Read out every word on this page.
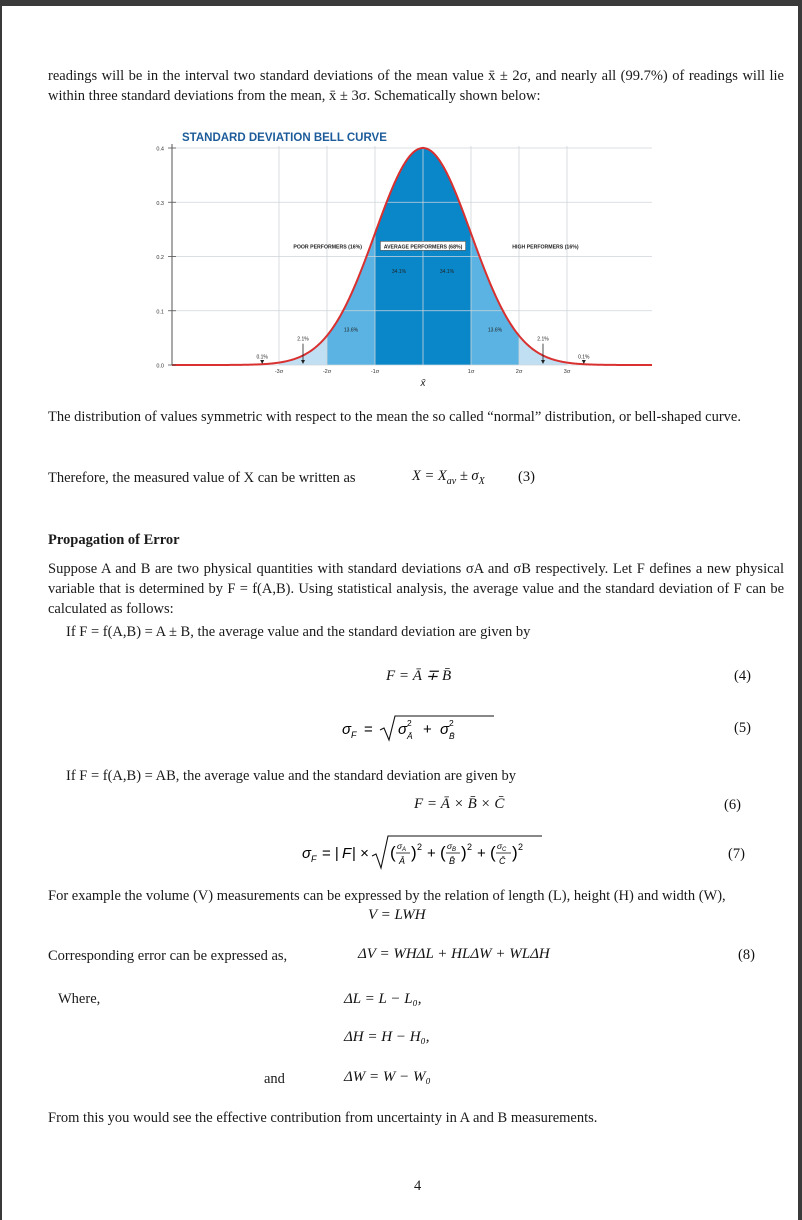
readings will be in the interval two standard deviations of the mean value x̄ ± 2σ, and nearly all (99.7%) of readings will lie within three standard deviations from the mean, x̄ ± 3σ. Schematically shown below:
STANDARD DEVIATION BELL CURVE
0.4
0.3
0.2
0.1
0.0
-3σ	-2σ	-1σ	1σ	2σ	3σ
x̄
POOR PERFORMERS (16%)	AVERAGE PERFORMERS (68%)	HIGH PERFORMERS (16%)
0.1%
2.1%
13.6%
34.1%	34.1%
13.6%
2.1%
0.1%
The distribution of values symmetric with respect to the mean the so called “normal” distribution, or bell-shaped curve.
Therefore, the measured value of X can be written as	$X = X_{av} \pm \sigma_X$ (3)
Propagation of Error
Suppose A and B are two physical quantities with standard deviations σA and σB respectively. Let F defines a new physical variable that is determined by F = f(A,B). Using statistical analysis, the average value and the standard deviation of F can be calculated as follows:
If F = f(A,B) = A ± B, the average value and the standard deviation are given by
F = Ā ∓ B̄	(4)
σ F = σ 2
Ā + σ 2
B̄	(5)
If F = f(A,B) = AB, the average value and the standard deviation are given by
F = Ā × B̄ × C̄	(6)
σ F = | F | × ( σ A
Ā ) 2 + ( σ B
B̄ ) 2 + ( σ C
C̄ ) 2	(7)
For example the volume (V) measurements can be expressed by the relation of length (L), height (H) and width (W),
V = LWH
Corresponding error can be expressed as,	ΔV = WHΔL + HLΔW + WLΔH	(8)
Where,	ΔL = L − L₀,
ΔH = H − H₀,
and	ΔW = W − W₀
From this you would see the effective contribution from uncertainty in A and B measurements.
4
